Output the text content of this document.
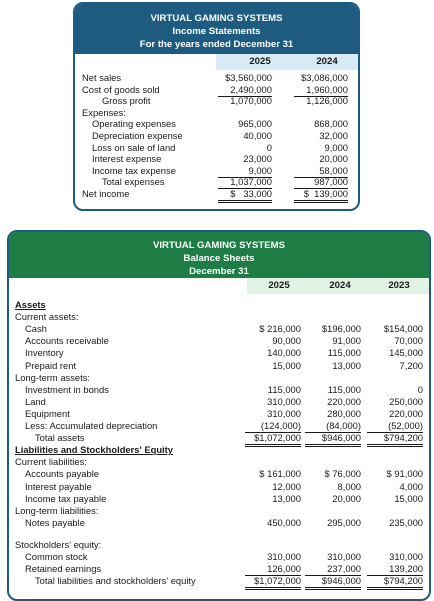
VIRTUAL GAMING SYSTEMS
Income Statements
For the years ended December 31
2025	2024
Net sales	$3,560,000	$3,086,000
Cost of goods sold	2,490,000	1,960,000
Gross profit	1,070,000	1,126,000
Expenses:
Operating expenses	965,000	868,000
Depreciation expense	40,000	32,000
Loss on sale of land	0	9,000
Interest expense	23,000	20,000
Income tax expense	9,000	58,000
Total expenses	1,037,000	987,000
Net income	$   33,000	$  139,000
VIRTUAL GAMING SYSTEMS
Balance Sheets
December 31
2025	2024	2023
Assets
Current assets:
Cash	$ 216,000	$196,000	$154,000
Accounts receivable	90,000	91,000	70,000
Inventory	140,000	115,000	145,000
Prepaid rent	15,000	13,000	7,200
Long-term assets:
Investment in bonds	115,000	115,000	0
Land	310,000	220,000	250,000
Equipment	310,000	280,000	220,000
Less: Accumulated depreciation	(124,000)	(84,000)	(52,000)
Total assets	$1,072,000	$946,000	$794,200
Liabilities and Stockholders' Equity
Current liabilities:
Accounts payable	$ 161,000	$ 76,000	$ 91,000
Interest payable	12,000	8,000	4,000
Income tax payable	13,000	20,000	15,000
Long-term liabilities:
Notes payable	450,000	295,000	235,000
Stockholders' equity:
Common stock	310,000	310,000	310,000
Retained earnings	126,000	237,000	139,200
Total liabilities and stockholders' equity	$1,072,000	$946,000	$794,200
